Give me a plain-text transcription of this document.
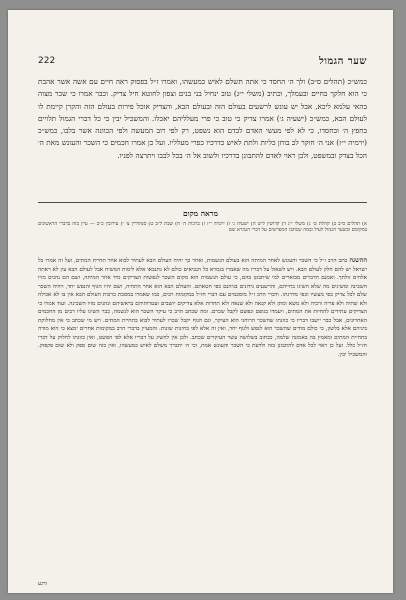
שער הגמול
222
כמש״כ (תהלים ס״ב) ולך ה׳ החסד כי אתה תשלם לאיש כמעשהו, ואמרו ז״ל בפסוק ראה חיים עם אשה אשר אהבת כי הוא חלקך בחיים ובעמלך, וכתיב (משלי י״ג) טוב ינחיל בני בנים וצפון לחוטא חיל צדיק. וכבר אמרו כי שכר מצוה בהאי עלמא ליכא, אבל יש עונש לרשעים בעולם הזה ובעולם הבא, והצדיק אוכל פירות בעולם הזה והקרן קיימת לו לעולם הבא, כמש״כ (ישעיה ג׳) אמרו צדיק כי טוב כי פרי מעלליהם יאכלו. והמשכיל יבין כי כל דברי הגמול תלויים בחפץ ה׳ ובחסדו, כי לא לפי מעשי האדם לבדם הוא נשפט, רק לפי רוב המעשה ולפי הכוונה אשר בלבו, כמש״כ (ירמיה י״ז) אני ה׳ חוקר לב בוחן כליות ולתת לאיש כדרכיו כפרי מעלליו. ועל כן אמרו חכמים כי השכר והעונש מאת ה׳ הכל בצדק ובמשפט, ולכן ראוי לאדם להתבונן בדרכיו ולשוב אל ה׳ בכל לבבו ויתרצה לפניו.
מראה מקום
א) תהלים ס״ב ב) קהלת ט׳ ג) משלי י״ג ד) קדושין ל״ט ה) ישעיה ג׳ ו) ירמיה י״ז ז) ברכות ה׳ ח) שבת ל״ב ט) סנהדרין צ׳ י) עירובין כ״ב — עיין בזה בדברי הראשונים במקומם ובשער הגמול לעיל ובמה שכתבו המפרשים על דברי הגמרא שם
ההשגה כתב הרב ז״ל כי השכר והעונש לאחר המיתה הוא בעולם הנשמות, ואחר כך יהיה העולם הבא לעתיד לבוא אחר תחיית המתים, ועל זה אמרו כל ישראל יש להם חלק לעולם הבא. ויש לשאול על דבריו מה שאמרו בגמרא כל הנביאים כולם לא נתנבאו אלא לימות המשיח אבל לעולם הבא עין לא ראתה אלהים זולתך. ואמנם הדברים מבוארים למי שיתבונן בהם, כי עולם הנשמות הוא מקום השכר לנפשות הצדיקים מיד אחר המיתה, ושם הם נהנים מזיו השכינה ומשיגים מה שלא השיגו בחייהם, והרשעים נידונים בגיהנם כפי חטאתם. והעולם הבא הוא אחר התחיה, ושם יהיו הגוף והנפש יחד, ויהיה השכר שלם לכל צדיק כפי מעשיו וכפי מדרגתו. ודברי הרב ז״ל מוסכמים עם דברי חז״ל במקומות רבים, כמו שאמרו במסכת ברכות העולם הבא אין בו לא אכילה ולא שתיה ולא פריה ורביה ולא משא ומתן ולא קנאה ולא שנאה ולא תחרות אלא צדיקים יושבים ועטרותיהם בראשיהם ונהנים מזיו השכינה. ועוד אמרו כי הצדיקים עתידים להחיות את המתים, ויעמדו בגופם ונפשם לקבל שכרם. ומה שכתב הרב כי עיקר השכר הוא לנשמה, כבר השיגו עליו רבים מן החכמים האחרונים, אבל כבר יישבו דבריו כי כוונתו שהשכר הרוחני הוא העיקר, וגם הגוף יקבל שכרו לעתיד לבוא בתחיית המתים. ויש מי שכתב כי אין מחלוקת ביניהם אלא בלשון, כי כולם מודים שהשכר הוא לנפש ולגוף יחד, ואין זה אלא לפי בחינות שונות. והמעיין בדברי הרב במקומות אחרים ימצא כי הוא מודה בתחיית המתים ומאמין בה באמונה שלמה, ככתוב בשלושה עשר העיקרים שכתב. ולכן אין להשיג על דבריו אלא לפי הפשט, ואין כוונתו לחלוק על דברי חז״ל כלל. ועל כן ראוי לכל אדם להתבונן בזה ולדעת כי השכר והעונש אמת, וכי ה׳ יתברך משלם לאיש כמעשהו, ואין בזה שום ספק ולא שום פקפוק. והמשכיל יבין.
ורגע
